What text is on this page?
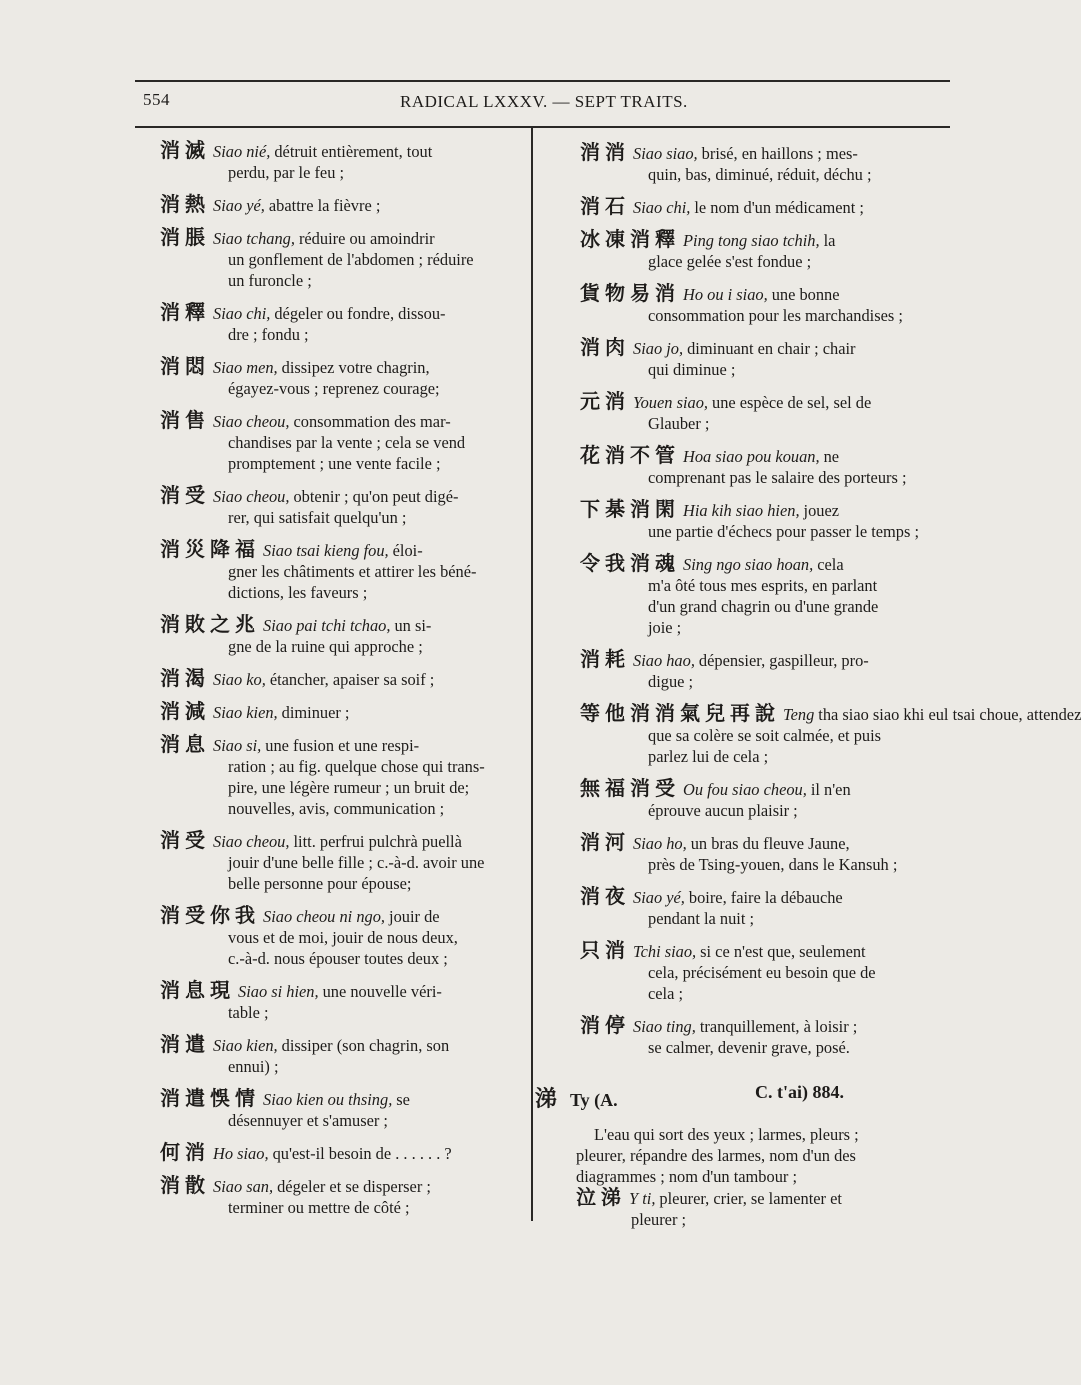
554	RADICAL LXXXV. — SEPT TRAITS.
消滅 Siao nié, détruit entièrement, tout
perdu, par le feu ;
消熱 Siao yé, abattre la fièvre ;
消脹 Siao tchang, réduire ou amoindrir
un gonflement de l'abdomen ; réduire
un furoncle ;
消釋 Siao chi, dégeler ou fondre, dissou-
dre ; fondu ;
消悶 Siao men, dissipez votre chagrin,
égayez-vous ; reprenez courage;
消售 Siao cheou, consommation des mar-
chandises par la vente ; cela se vend
promptement ; une vente facile ;
消受 Siao cheou, obtenir ; qu'on peut digé-
rer, qui satisfait quelqu'un ;
消災降福 Siao tsai kieng fou, éloi-
gner les châtiments et attirer les béné-
dictions, les faveurs ;
消敗之兆 Siao pai tchi tchao, un si-
gne de la ruine qui approche ;
消渴 Siao ko, étancher, apaiser sa soif ;
消減 Siao kien, diminuer ;
消息 Siao si, une fusion et une respi-
ration ; au fig. quelque chose qui trans-
pire, une légère rumeur ; un bruit de;
nouvelles, avis, communication ;
消受 Siao cheou, litt. perfrui pulchrà puellà
jouir d'une belle fille ; c.-à-d. avoir une
belle personne pour épouse;
消受你我 Siao cheou ni ngo, jouir de
vous et de moi, jouir de nous deux,
c.-à-d. nous épouser toutes deux ;
消息現 Siao si hien, une nouvelle véri-
table ;
消遣 Siao kien, dissiper (son chagrin, son
ennui) ;
消遣悞情 Siao kien ou thsing, se
désennuyer et s'amuser ;
何消 Ho siao, qu'est-il besoin de . . . . . . ?
消散 Siao san, dégeler et se disperser ;
terminer ou mettre de côté ;
消消 Siao siao, brisé, en haillons ; mes-
quin, bas, diminué, réduit, déchu ;
消石 Siao chi, le nom d'un médicament ;
冰凍消釋 Ping tong siao tchih, la
glace gelée s'est fondue ;
貨物易消 Ho ou i siao, une bonne
consommation pour les marchandises ;
消肉 Siao jo, diminuant en chair ; chair
qui diminue ;
元消 Youen siao, une espèce de sel, sel de
Glauber ;
花消不管 Hoa siao pou kouan, ne
comprenant pas le salaire des porteurs ;
下棊消閑 Hia kih siao hien, jouez
une partie d'échecs pour passer le temps ;
令我消魂 Sing ngo siao hoan, cela
m'a ôté tous mes esprits, en parlant
d'un grand chagrin ou d'une grande
joie ;
消耗 Siao hao, dépensier, gaspilleur, pro-
digue ;
等他消消氣兒再說 Teng tha siao siao khi eul tsai choue, attendez
que sa colère se soit calmée, et puis
parlez lui de cela ;
無福消受 Ou fou siao cheou, il n'en
éprouve aucun plaisir ;
消河 Siao ho, un bras du fleuve Jaune,
près de Tsing-youen, dans le Kansuh ;
消夜 Siao yé, boire, faire la débauche
pendant la nuit ;
只消 Tchi siao, si ce n'est que, seulement
cela, précisément eu besoin que de
cela ;
消停 Siao ting, tranquillement, à loisir ;
se calmer, devenir grave, posé.
涕 Ty (A.	C. t'ai) 884.
L'eau qui sort des yeux ; larmes, pleurs ;
pleurer, répandre des larmes, nom d'un des
diagrammes ; nom d'un tambour ;
泣涕 Y ti, pleurer, crier, se lamenter et
pleurer ;
